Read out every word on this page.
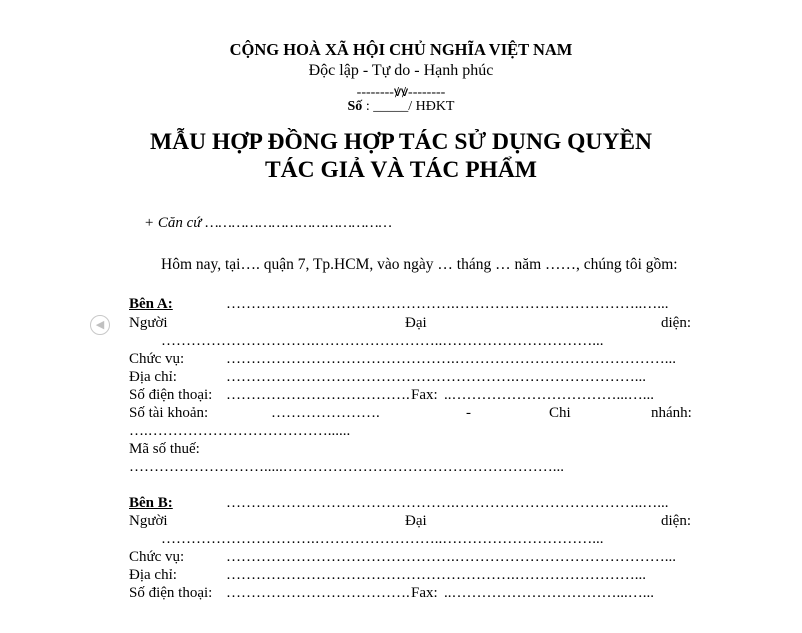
CỘNG HOÀ XÃ HỘI CHỦ NGHĨA VIỆT NAM
Độc lập - Tự do - Hạnh phúc
--------ꝟꝟ--------
Số : _____/ HĐKT
MẪU HỢP ĐỒNG HỢP TÁC SỬ DỤNG QUYỀN
TÁC GIẢ VÀ TÁC PHẨM
+ Căn cứ ……………………………………
Hôm nay, tại…. quận 7, Tp.HCM, vào ngày … tháng … năm ……, chúng tôi gồm:
◀
Bên A:	……………………………………….………………………………..…...
Người	Đại	diện:
………………………….……………………..…………………………...
Chức vụ:	……………………………………….……………………………………...
Địa chỉ:	………………………………………………….……………………...
Số điện thoại: ………………………………. Fax: ..……………………………...…...
Số tài khoản:	………………….	-	Chi	nhánh:
….………………………………......
Mã số thuế:
……………………….....………………………………………………...
Bên B:	……………………………………….………………………………..…...
Người	Đại	diện:
………………………….……………………..…………………………...
Chức vụ:	……………………………………….……………………………………...
Địa chỉ:	………………………………………………….……………………...
Số điện thoại: ………………………………. Fax: ..……………………………...…...
